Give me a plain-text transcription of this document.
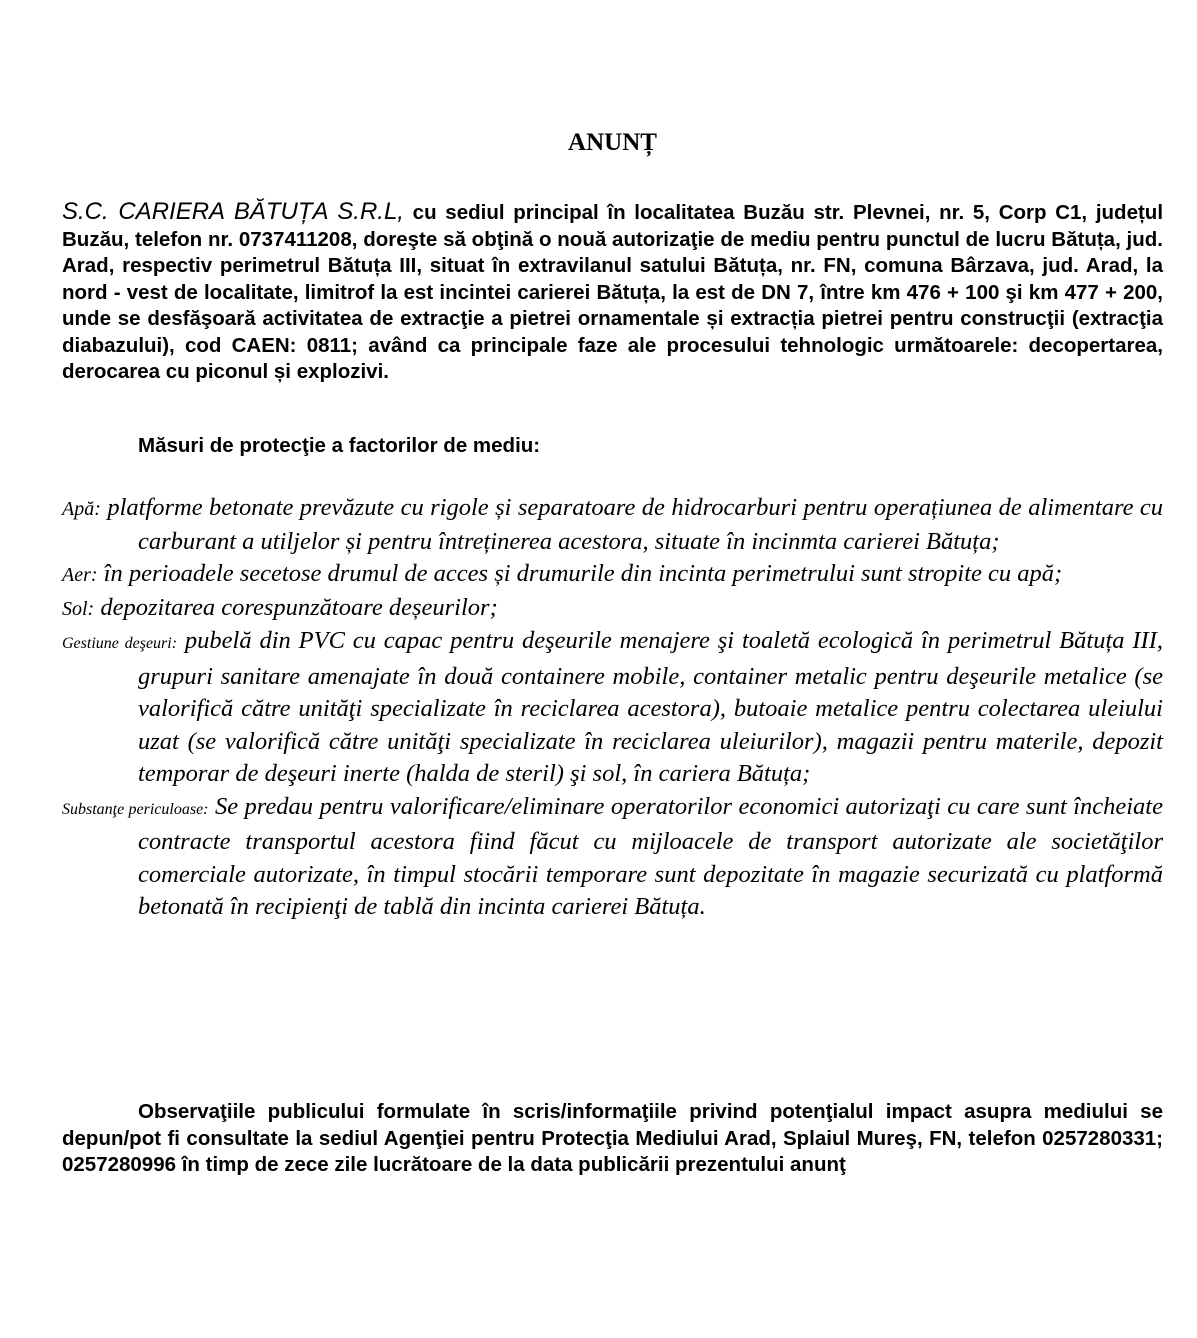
ANUNȚ

S.C. CARIERA BĂTUȚA S.R.L, cu sediul principal în localitatea Buzău str. Plevnei, nr. 5, Corp C1, județul Buzău, telefon nr. 0737411208, doreşte să obţină o nouă autorizaţie de mediu pentru punctul de lucru Bătuța, jud. Arad, respectiv perimetrul Bătuța III, situat în extravilanul satului Bătuța, nr. FN, comuna Bârzava, jud. Arad, la nord - vest de localitate, limitrof la est incintei carierei Bătuța, la est de DN 7, între km 476 + 100 şi km 477 + 200, unde se desfăşoară activitatea de extracţie a pietrei ornamentale și extracția pietrei pentru construcţii (extracţia diabazului), cod CAEN: 0811; având ca principale faze ale procesului tehnologic următoarele: decopertarea, derocarea cu piconul și explozivi.

Măsuri de protecţie a factorilor de mediu:

Apă: platforme betonate prevăzute cu rigole și separatoare de hidrocarburi pentru operațiunea de alimentare cu carburant a utiljelor și pentru întreținerea acestora, situate în incinmta carierei Bătuța;

Aer: în perioadele secetose drumul de acces și drumurile din incinta perimetrului sunt stropite cu apă;

Sol: depozitarea corespunzătoare deșeurilor;

Gestiune deşeuri: pubelă din PVC cu capac pentru deşeurile menajere şi toaletă ecologică în perimetrul Bătuța III, grupuri sanitare amenajate în două containere mobile, container metalic pentru deşeurile metalice (se valorifică către unităţi specializate în reciclarea acestora), butoaie metalice pentru colectarea uleiului uzat (se valorifică către unităţi specializate în reciclarea uleiurilor), magazii pentru materile, depozit temporar de deşeuri inerte (halda de steril) şi sol, în cariera Bătuța;

Substanţe periculoase: Se predau pentru valorificare/eliminare operatorilor economici autorizaţi cu care sunt încheiate contracte transportul acestora fiind făcut cu mijloacele de transport autorizate ale societăţilor comerciale autorizate, în timpul stocării temporare sunt depozitate în magazie securizată cu platformă betonată în recipienţi de tablă din incinta carierei Bătuța.

Observaţiile publicului formulate în scris/informaţiile privind potenţialul impact asupra mediului se depun/pot fi consultate la sediul Agenţiei pentru Protecţia Mediului Arad, Splaiul Mureş, FN, telefon 0257280331; 0257280996 în timp de zece zile lucrătoare de la data publicării prezentului anunţ
